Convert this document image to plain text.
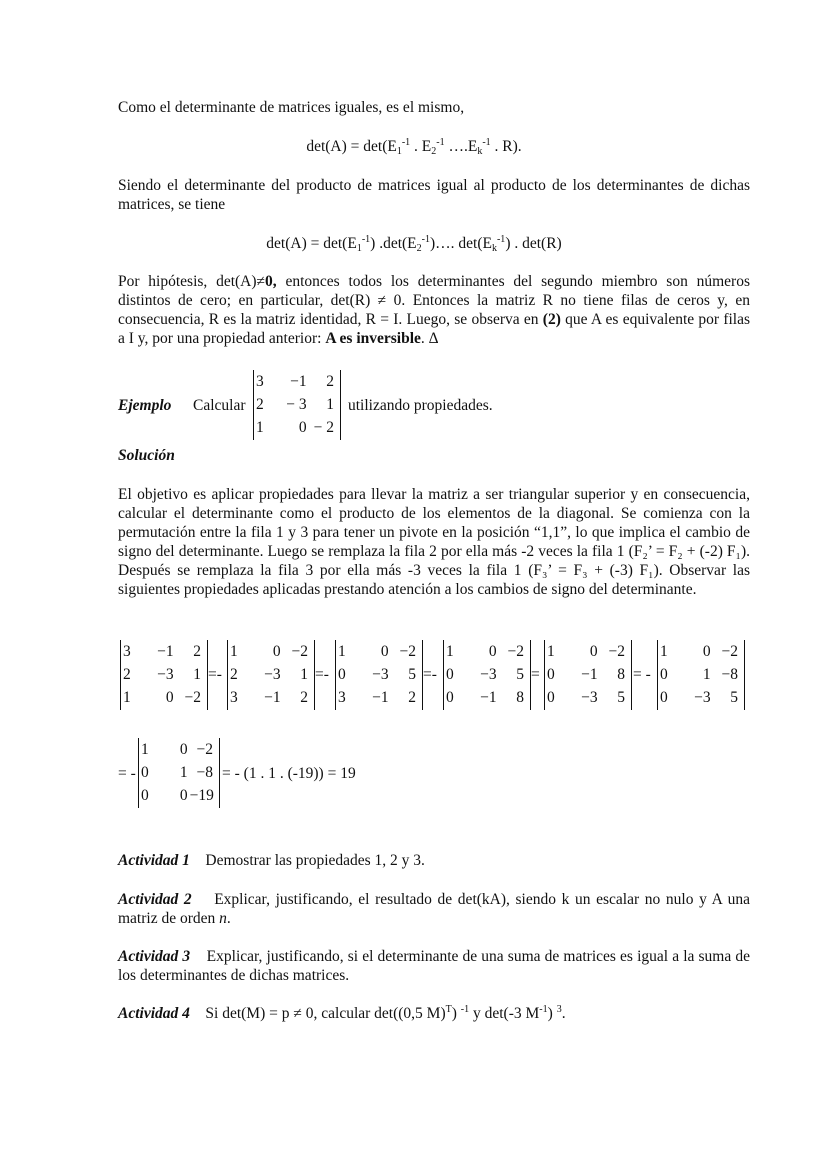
Como el determinante de matrices iguales, es el mismo,

$\det(A) = \det(E_1^{-1}$ . $E_2^{-1}$ $\dots.E_k^{-1}$ . R).

Siendo el determinante del producto de matrices igual al producto de los determinantes de dichas matrices, se tiene

$\det(A) = \det(E_1^{-1})$ $.\det(E_2^{-1})\dots$. $\det(E_k^{-1})$ . det(R)

Por hipótesis, det(A)≠0, entonces todos los determinantes del segundo miembro son números distintos de cero; en particular, det(R) ≠ 0. Entonces la matriz R no tiene filas de ceros y, en consecuencia, R es la matriz identidad, R = I. Luego, se observa en (2) que A es equivalente por filas a I y, por una propiedad anterior: A es inversible. Δ

Ejemplo Calcular
3	−1	2
2	− 3	1
1	0 − 2
utilizando propiedades.
Solución

El objetivo es aplicar propiedades para llevar la matriz a ser triangular superior y en consecuencia, calcular el determinante como el producto de los elementos de la diagonal. Se comienza con la permutación entre la fila 1 y 3 para tener un pivote en la posición “1,1”, lo que implica el cambio de signo del determinante. Luego se remplaza la fila 2 por ella más -2 veces la fila 1 (F₂’ = F₂ + (-2) F₁). Después se remplaza la fila 3 por ella más -3 veces la fila 1 (F₃’ = F₃ + (-3) F₁). Observar las siguientes propiedades aplicadas prestando atención a los cambios de signo del determinante.

3	−1	2
2	−3	1
1	0 −2
=-
1	0 −2
2	−3	1
3	−1	2
=-
1	0 −2
0	−3	5
3	−1	2
=-
1	0 −2
0	−3	5
0	−1	8
=
1	0 −2
0	−1	8
0	−3	5
= -
1	0 −2
0	1 −8
0	−3	5
= -
1	0 −2
0	1 −8
0	0 −19
= - (1 . 1 . (-19)) = 19

Actividad 1 Demostrar las propiedades 1, 2 y 3.

Actividad 2 Explicar, justificando, el resultado de det(kA), siendo k un escalar no nulo y A una matriz de orden n.

Actividad 3 Explicar, justificando, si el determinante de una suma de matrices es igual a la suma de los determinantes de dichas matrices.

Actividad 4 Si det(M) = p ≠ 0, calcular det((0,5 M)$^T$) $^{-1}$ y det(-3 $M^{-1}$) $^3$.
